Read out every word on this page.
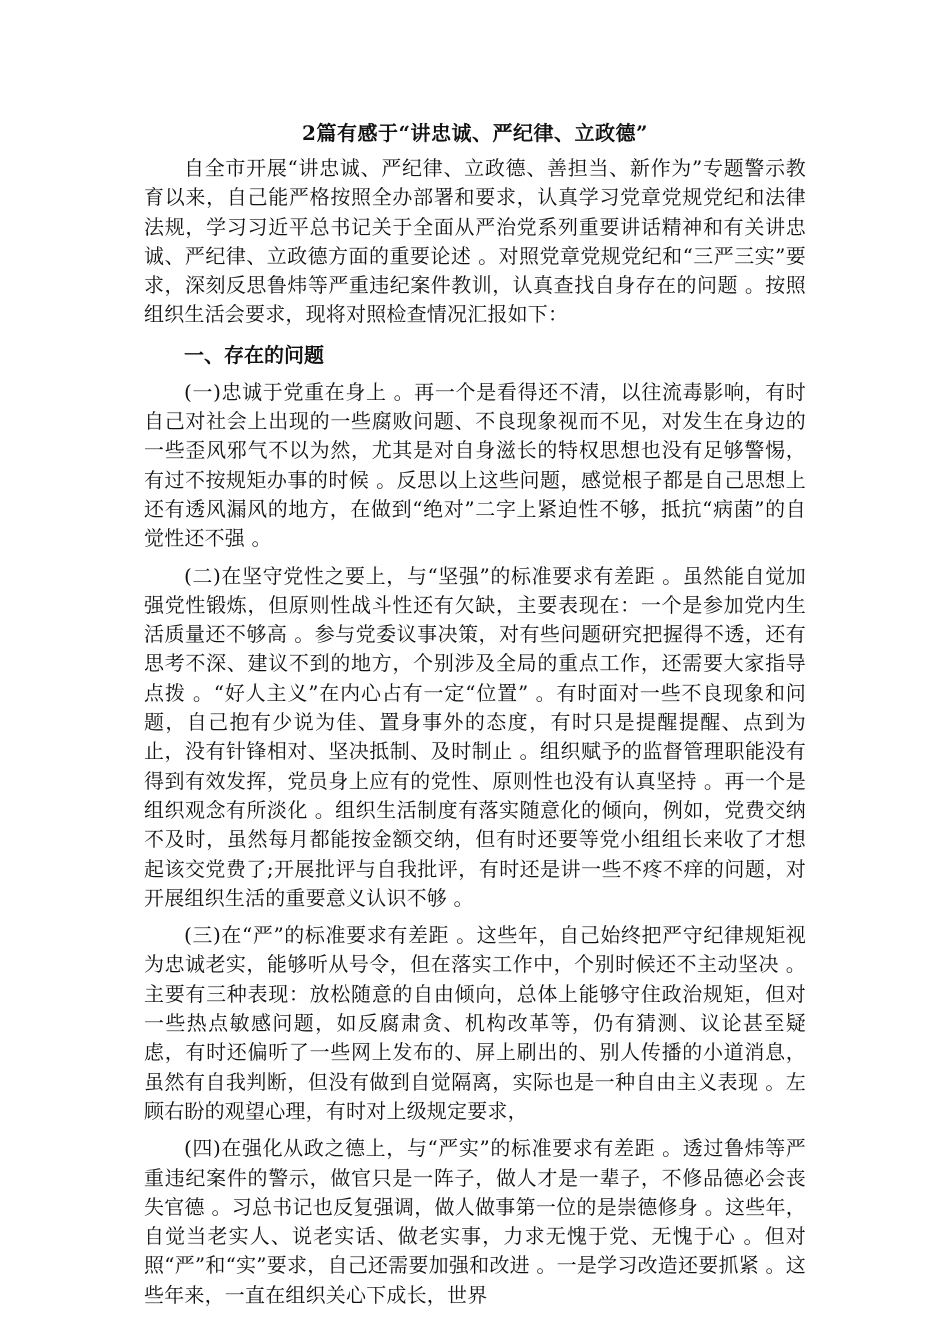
2篇有感于“讲忠诚、严纪律、立政德”

自全市开展“讲忠诚、严纪律、立政德、善担当、新作为”专题警示教育以来，自己能严格按照全办部署和要求，认真学习党章党规党纪和法律法规，学习习近平总书记关于全面从严治党系列重要讲话精神和有关讲忠诚、严纪律、立政德方面的重要论述 。对照党章党规党纪和“三严三实”要求，深刻反思鲁炜等严重违纪案件教训，认真查找自身存在的问题 。按照组织生活会要求，现将对照检查情况汇报如下：

一、存在的问题

(一)忠诚于党重在身上 。再一个是看得还不清，以往流毒影响，有时自己对社会上出现的一些腐败问题、不良现象视而不见，对发生在身边的一些歪风邪气不以为然，尤其是对自身滋长的特权思想也没有足够警惕，有过不按规矩办事的时候 。反思以上这些问题，感觉根子都是自己思想上还有透风漏风的地方，在做到“绝对”二字上紧迫性不够，抵抗“病菌”的自觉性还不强 。

(二)在坚守党性之要上，与“坚强”的标准要求有差距 。虽然能自觉加强党性锻炼，但原则性战斗性还有欠缺，主要表现在：一个是参加党内生活质量还不够高 。参与党委议事决策，对有些问题研究把握得不透，还有思考不深、建议不到的地方，个别涉及全局的重点工作，还需要大家指导点拨 。“好人主义”在内心占有一定“位置” 。有时面对一些不良现象和问题，自己抱有少说为佳、置身事外的态度，有时只是提醒提醒、点到为止，没有针锋相对、坚决抵制、及时制止 。组织赋予的监督管理职能没有得到有效发挥，党员身上应有的党性、原则性也没有认真坚持 。再一个是组织观念有所淡化 。组织生活制度有落实随意化的倾向，例如，党费交纳不及时，虽然每月都能按金额交纳，但有时还要等党小组组长来收了才想起该交党费了;开展批评与自我批评，有时还是讲一些不疼不痒的问题，对开展组织生活的重要意义认识不够 。

(三)在“严”的标准要求有差距 。这些年，自己始终把严守纪律规矩视为忠诚老实，能够听从号令，但在落实工作中，个别时候还不主动坚决 。主要有三种表现：放松随意的自由倾向，总体上能够守住政治规矩，但对一些热点敏感问题，如反腐肃贪、机构改革等，仍有猜测、议论甚至疑虑，有时还偏听了一些网上发布的、屏上刷出的、别人传播的小道消息，虽然有自我判断，但没有做到自觉隔离，实际也是一种自由主义表现 。左顾右盼的观望心理，有时对上级规定要求，

(四)在强化从政之德上，与“严实”的标准要求有差距 。透过鲁炜等严重违纪案件的警示，做官只是一阵子，做人才是一辈子，不修品德必会丧失官德 。习总书记也反复强调，做人做事第一位的是崇德修身 。这些年，自觉当老实人、说老实话、做老实事，力求无愧于党、无愧于心 。但对照“严”和“实”要求，自己还需要加强和改进 。一是学习改造还要抓紧 。这些年来，一直在组织关心下成长，世界
